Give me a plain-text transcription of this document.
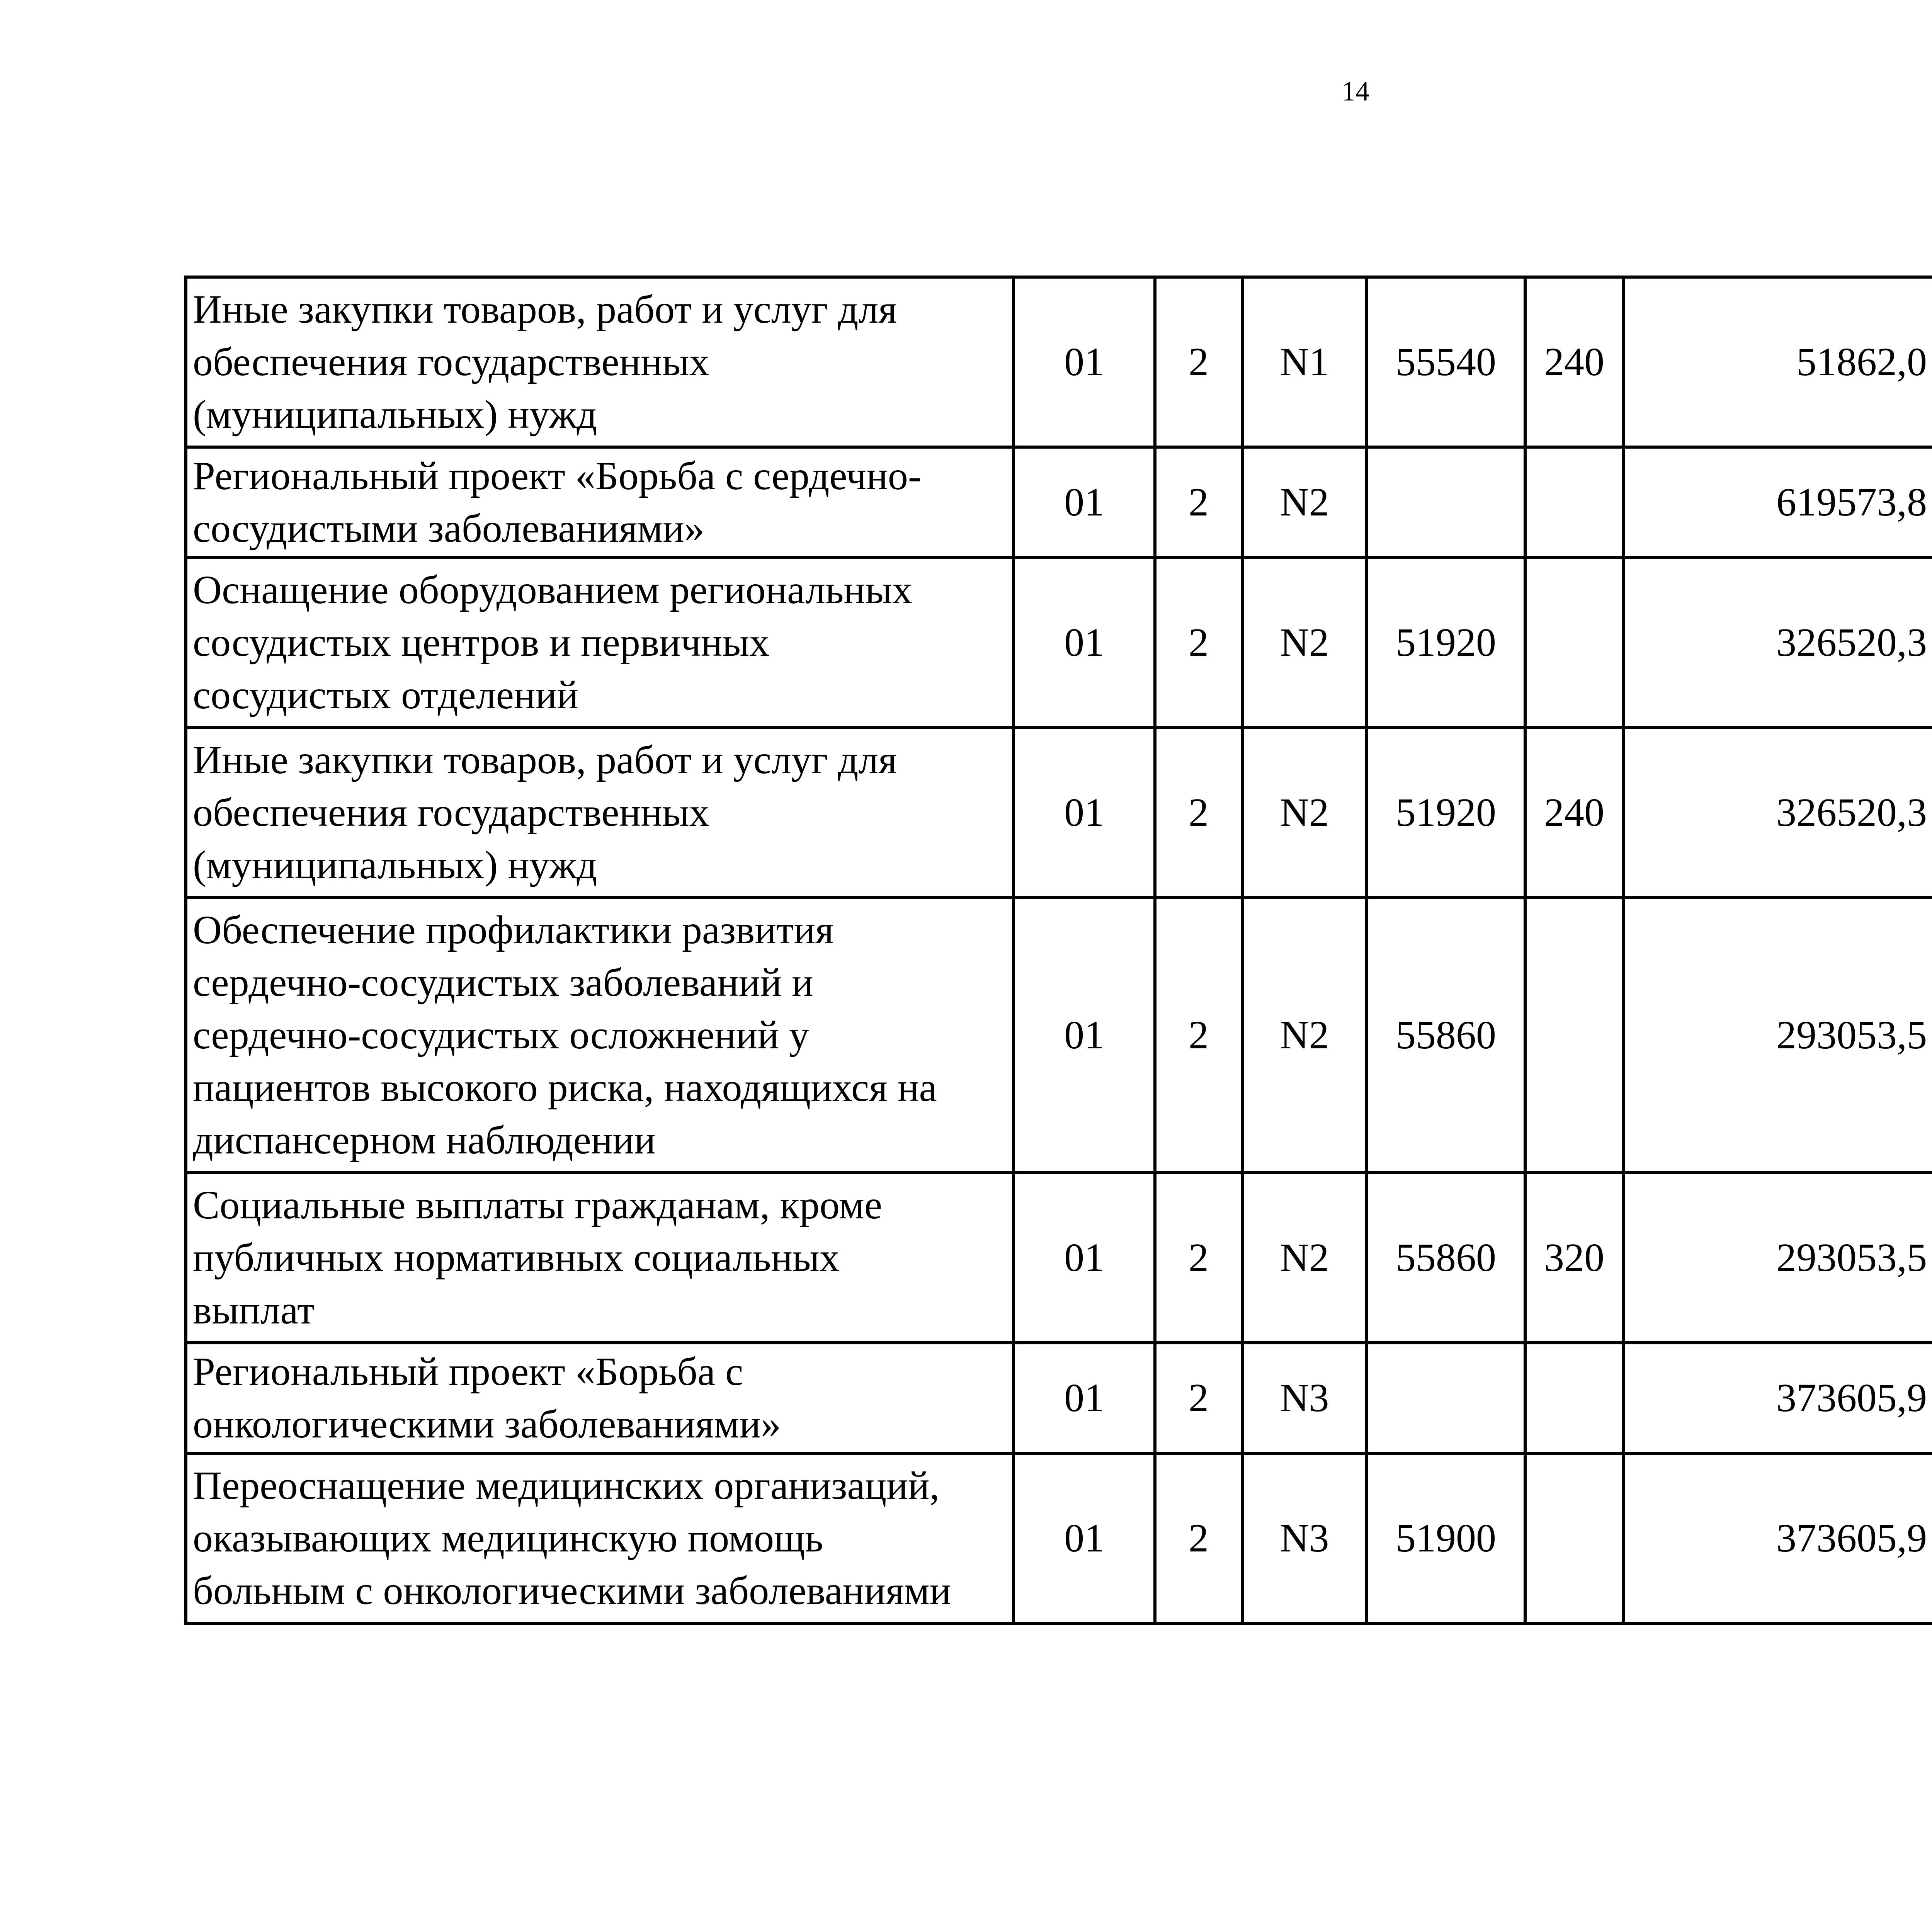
14
Иные закупки товаров, работ и услуг для
обеспечения государственных
(муниципальных) нужд	01	2	N1	55540	240	51862,0		
Региональный проект «Борьба с сердечно-
сосудистыми заболеваниями»	01	2	N2			619573,8		
Оснащение оборудованием региональных
сосудистых центров и первичных
сосудистых отделений	01	2	N2	51920		326520,3		
Иные закупки товаров, работ и услуг для
обеспечения государственных
(муниципальных) нужд	01	2	N2	51920	240	326520,3		
Обеспечение профилактики развития
сердечно-сосудистых заболеваний и
сердечно-сосудистых осложнений у
пациентов высокого риска, находящихся на
диспансерном наблюдении	01	2	N2	55860		293053,5		
Социальные выплаты гражданам, кроме
публичных нормативных социальных
выплат	01	2	N2	55860	320	293053,5		
Региональный проект «Борьба с
онкологическими заболеваниями»	01	2	N3			373605,9		
Переоснащение медицинских организаций,
оказывающих медицинскую помощь
больным с онкологическими заболеваниями	01	2	N3	51900		373605,9		
